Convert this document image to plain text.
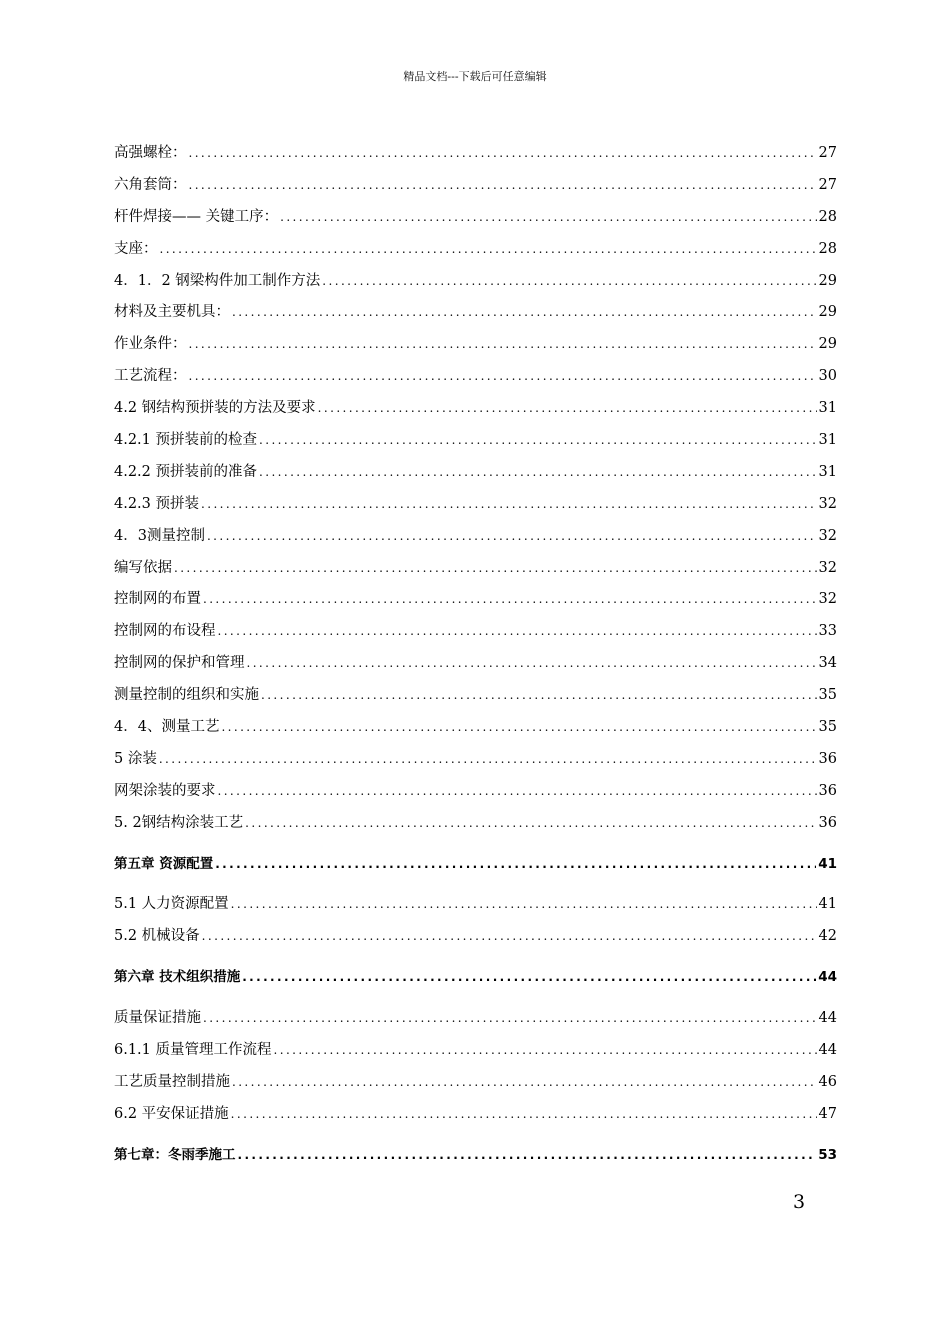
精品文档---下载后可任意编辑
高强螺栓： .....	27
六角套筒： .....	27
杆件焊接—— 关键工序： .....	28
支座： .....	28
4．1．2 钢梁构件加工制作方法 .....	29
材料及主要机具： .....	29
作业条件： .....	29
工艺流程： .....	30
4.2 钢结构预拼装的方法及要求 .....	31
4.2.1 预拼装前的检查 .....	31
4.2.2 预拼装前的准备 .....	31
4.2.3 预拼装 .....	32
4．3测量控制 .....	32
编写依据 .....	32
控制网的布置 .....	32
控制网的布设程 .....	33
控制网的保护和管理 .....	34
测量控制的组织和实施 .....	35
4．4、测量工艺 .....	35
5 涂装 .....	36
网架涂装的要求 .....	36
5. 2钢结构涂装工艺 .....	36
第五章 资源配置 .....	41
5.1 人力资源配置 .....	41
5.2 机械设备 .....	42
第六章 技术组织措施 .....	44
质量保证措施 .....	44
6.1.1 质量管理工作流程 .....	44
工艺质量控制措施 .....	46
6.2 平安保证措施 .....	47
第七章：冬雨季施工 .....	53
3
